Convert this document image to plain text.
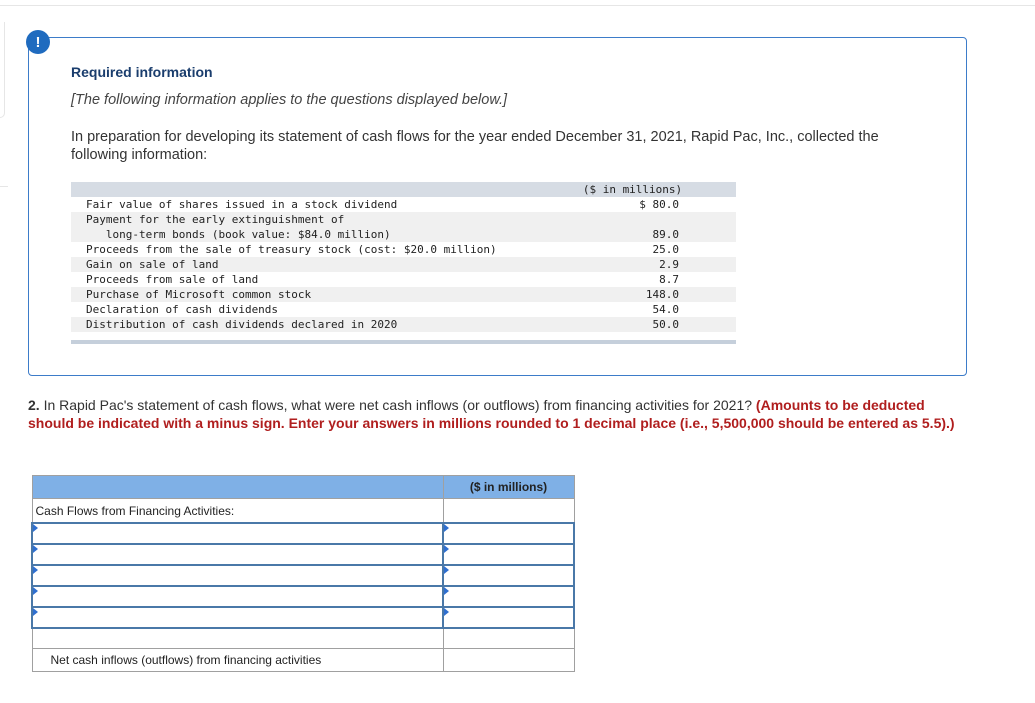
!
Required information
[The following information applies to the questions displayed below.]
In preparation for developing its statement of cash flows for the year ended December 31, 2021, Rapid Pac, Inc., collected the following information:
	($ in millions)
Fair value of shares issued in a stock dividend	$ 80.0
Payment for the early extinguishment of	
long-term bonds (book value: $84.0 million)	89.0
Proceeds from the sale of treasury stock (cost: $20.0 million)	25.0
Gain on sale of land	2.9
Proceeds from sale of land	8.7
Purchase of Microsoft common stock	148.0
Declaration of cash dividends	54.0
Distribution of cash dividends declared in 2020	50.0
2. In Rapid Pac's statement of cash flows, what were net cash inflows (or outflows) from financing activities for 2021? (Amounts to be deducted should be indicated with a minus sign. Enter your answers in millions rounded to 1 decimal place (i.e., 5,500,000 should be entered as 5.5).)
	($ in millions)
Cash Flows from Financing Activities:	

Net cash inflows (outflows) from financing activities	
